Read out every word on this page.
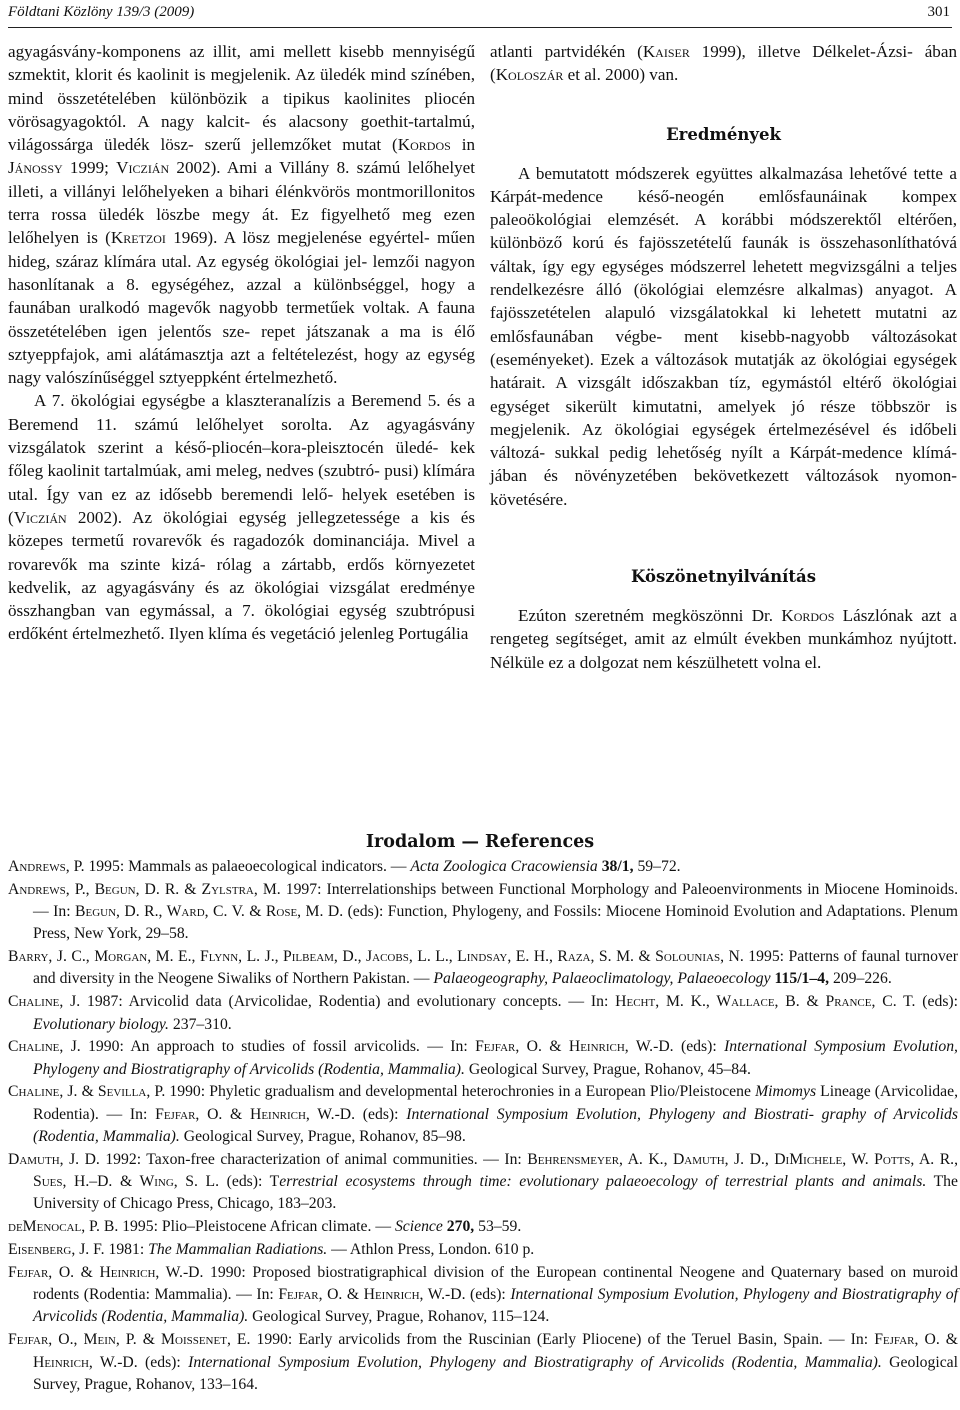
Földtani Közlöny 139/3 (2009)	301

agyagásvány-komponens az illit, ami mellett kisebb mennyiségű szmektit, klorit és kaolinit is megjelenik. Az üledék mind színében, mind összetételében különbözik a tipikus kaolinites pliocén vörösagyagoktól. A nagy kalcit- és alacsony goethit-tartalmú, világossárga üledék lösz- szerű jellemzőket mutat (Kordos in Jánossy 1999; Viczián 2002). Ami a Villány 8. számú lelőhelyet illeti, a villányi lelőhelyeken a bihari élénkvörös montmorillonitos terra rossa üledék löszbe megy át. Ez figyelhető meg ezen lelőhelyen is (Kretzoi 1969). A lösz megjelenése egyértel- műen hideg, száraz klímára utal. Az egység ökológiai jel- lemzői nagyon hasonlítanak a 8. egységéhez, azzal a különbséggel, hogy a faunában uralkodó magevők nagyobb termetűek voltak. A fauna összetételében igen jelentős sze- repet játszanak a ma is élő sztyeppfajok, ami alátámasztja azt a feltételezést, hogy az egység nagy valószínűséggel sztyeppként értelmezhető.

A 7. ökológiai egységbe a klaszteranalízis a Beremend 5. és a Beremend 11. számú lelőhelyet sorolta. Az agyagásvány vizsgálatok szerint a késő-pliocén–kora-pleisztocén üledé- kek főleg kaolinit tartalmúak, ami meleg, nedves (szubtró- pusi) klímára utal. Így van ez az idősebb beremendi lelő- helyek esetében is (Viczián 2002). Az ökológiai egység jellegzetessége a kis és közepes termetű rovarevők és ragadozók dominanciája. Mivel a rovarevők ma szinte kizá- rólag a zártabb, erdős környezetet kedvelik, az agyagásvány és az ökológiai vizsgálat eredménye összhangban van egymással, a 7. ökológiai egység szubtrópusi erdőként értelmezhető. Ilyen klíma és vegetáció jelenleg Portugália

atlanti partvidékén (Kaiser 1999), illetve Délkelet-Ázsi- ában (Koloszár et al. 2000) van.

Eredmények

A bemutatott módszerek együttes alkalmazása lehetővé tette a Kárpát-medence késő-neogén emlősfaunáinak kompex paleoökológiai elemzését. A korábbi módszerektől eltérően, különböző korú és fajösszetételű faunák is összehasonlíthatóvá váltak, így egy egységes módszerrel lehetett megvizsgálni a teljes rendelkezésre álló (ökológiai elemzésre alkalmas) anyagot. A fajösszetételen alapuló vizsgálatokkal ki lehetett mutatni az emlősfaunában végbe- ment kisebb-nagyobb változásokat (eseményeket). Ezek a változások mutatják az ökológiai egységek határait. A vizsgált időszakban tíz, egymástól eltérő ökológiai egységet sikerült kimutatni, amelyek jó része többször is megjelenik. Az ökológiai egységek értelmezésével és időbeli változá- sukkal pedig lehetőség nyílt a Kárpát-medence klímá- jában és növényzetében bekövetkezett változások nyomon- követésére.

Köszönetnyilvánítás

Ezúton szeretném megköszönni Dr. Kordos Lászlónak azt a rengeteg segítséget, amit az elmúlt években munkámhoz nyújtott. Nélküle ez a dolgozat nem készülhetett volna el.

Irodalom — References

Andrews, P. 1995: Mammals as palaeoecological indicators. — Acta Zoologica Cracowiensia 38/1, 59–72.

Andrews, P., Begun, D. R. & Zylstra, M. 1997: Interrelationships between Functional Morphology and Paleoenvironments in Miocene Hominoids. — In: Begun, D. R., Ward, C. V. & Rose, M. D. (eds): Function, Phylogeny, and Fossils: Miocene Hominoid Evolution and Adaptations. Plenum Press, New York, 29–58.

Barry, J. C., Morgan, M. E., Flynn, L. J., Pilbeam, D., Jacobs, L. L., Lindsay, E. H., Raza, S. M. & Solounias, N. 1995: Patterns of faunal turnover and diversity in the Neogene Siwaliks of Northern Pakistan. — Palaeogeography, Palaeoclimatology, Palaeoecology 115/1–4, 209–226.

Chaline, J. 1987: Arvicolid data (Arvicolidae, Rodentia) and evolutionary concepts. — In: Hecht, M. K., Wallace, B. & Prance, C. T. (eds): Evolutionary biology. 237–310.

Chaline, J. 1990: An approach to studies of fossil arvicolids. — In: Fejfar, O. & Heinrich, W.-D. (eds): International Symposium Evolution, Phylogeny and Biostratigraphy of Arvicolids (Rodentia, Mammalia). Geological Survey, Prague, Rohanov, 45–84.

Chaline, J. & Sevilla, P. 1990: Phyletic gradualism and developmental heterochronies in a European Plio/Pleistocene Mimomys Lineage (Arvicolidae, Rodentia). — In: Fejfar, O. & Heinrich, W.-D. (eds): International Symposium Evolution, Phylogeny and Biostrati- graphy of Arvicolids (Rodentia, Mammalia). Geological Survey, Prague, Rohanov, 85–98.

Damuth, J. D. 1992: Taxon-free characterization of animal communities. — In: Behrensmeyer, A. K., Damuth, J. D., DiMichele, W. Potts, A. R., Sues, H.–D. & Wing, S. L. (eds): Terrestrial ecosystems through time: evolutionary palaeoecology of terrestrial plants and animals. The University of Chicago Press, Chicago, 183–203.

deMenocal, P. B. 1995: Plio–Pleistocene African climate. — Science 270, 53–59.

Eisenberg, J. F. 1981: The Mammalian Radiations. — Athlon Press, London. 610 p.

Fejfar, O. & Heinrich, W.-D. 1990: Proposed biostratigraphical division of the European continental Neogene and Quaternary based on muroid rodents (Rodentia: Mammalia). — In: Fejfar, O. & Heinrich, W.-D. (eds): International Symposium Evolution, Phylogeny and Biostratigraphy of Arvicolids (Rodentia, Mammalia). Geological Survey, Prague, Rohanov, 115–124.

Fejfar, O., Mein, P. & Moissenet, E. 1990: Early arvicolids from the Ruscinian (Early Pliocene) of the Teruel Basin, Spain. — In: Fejfar, O. & Heinrich, W.-D. (eds): International Symposium Evolution, Phylogeny and Biostratigraphy of Arvicolids (Rodentia, Mammalia). Geological Survey, Prague, Rohanov, 133–164.
